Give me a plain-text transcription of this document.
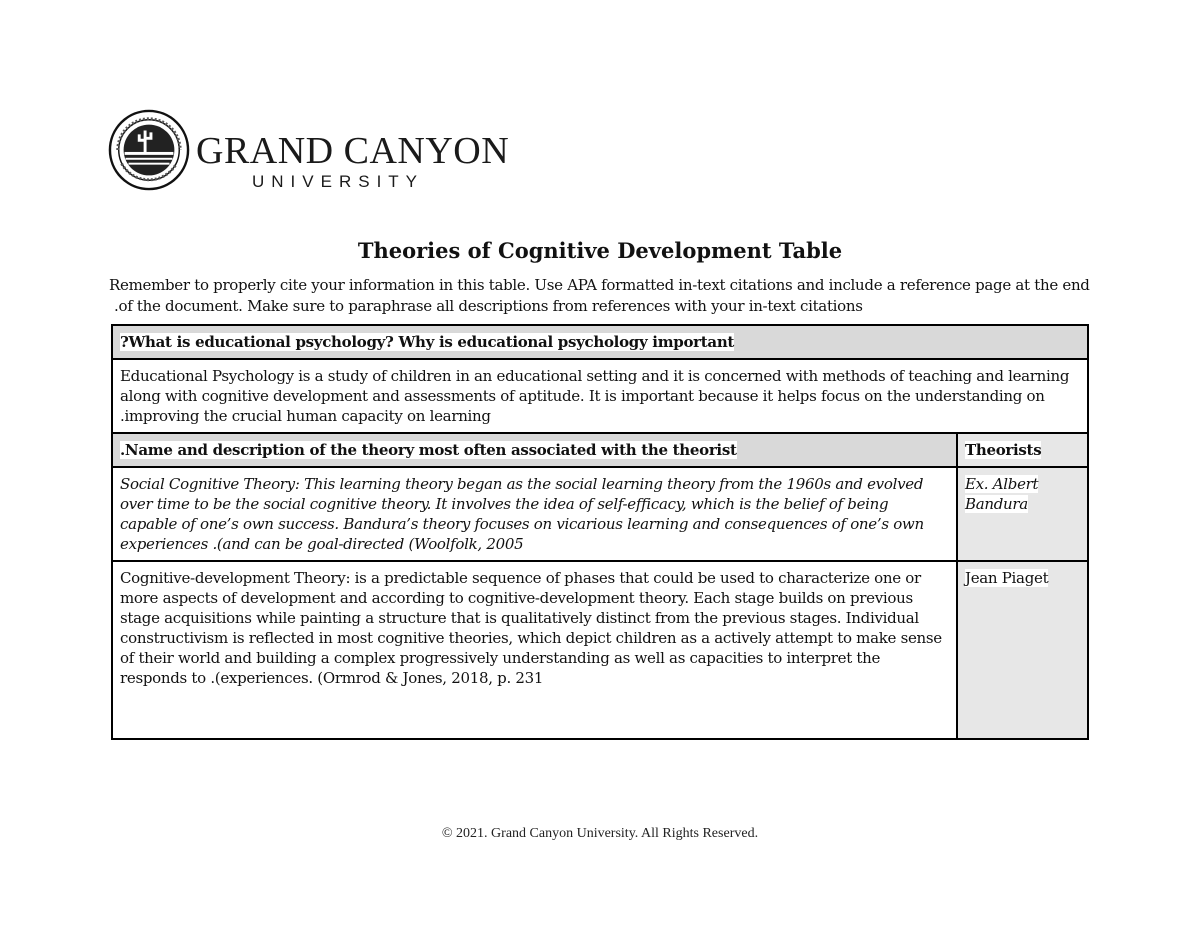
GRAND CANYON
UNIVERSITY
Theories of Cognitive Development Table

Remember to properly cite your information in this table. Use APA formatted in-text citations and include a reference page at the end

.of the document. Make sure to paraphrase all descriptions from references with your in-text citations

?What is educational psychology? Why is educational psychology important	
Educational Psychology is a study of children in an educational setting and it is concerned with methods of teaching and learning along with cognitive development and assessments of aptitude. It is important because it helps focus on the understanding on .improving the crucial human capacity on learning	
.Name and description of the theory most often associated with the theorist	Theorists
Social Cognitive Theory: This learning theory began as the social learning theory from the 1960s and evolved over time to be the social cognitive theory. It involves the idea of self-efficacy, which is the belief of being capable of one’s own success. Bandura’s theory focuses on vicarious learning and consequences of one’s own experiences .(and can be goal-directed (Woolfolk, 2005	Ex. Albert Bandura
Cognitive-development Theory: is a predictable sequence of phases that could be used to characterize one or more aspects of development and according to cognitive-development theory. Each stage builds on previous stage acquisitions while painting a structure that is qualitatively distinct from the previous stages. Individual constructivism is reflected in most cognitive theories, which depict children as a actively attempt to make sense of their world and building a complex progressively understanding as well as capacities to interpret the responds to .(experiences. (Ormrod & Jones, 2018, p. 231	Jean Piaget
© 2021. Grand Canyon University. All Rights Reserved.
